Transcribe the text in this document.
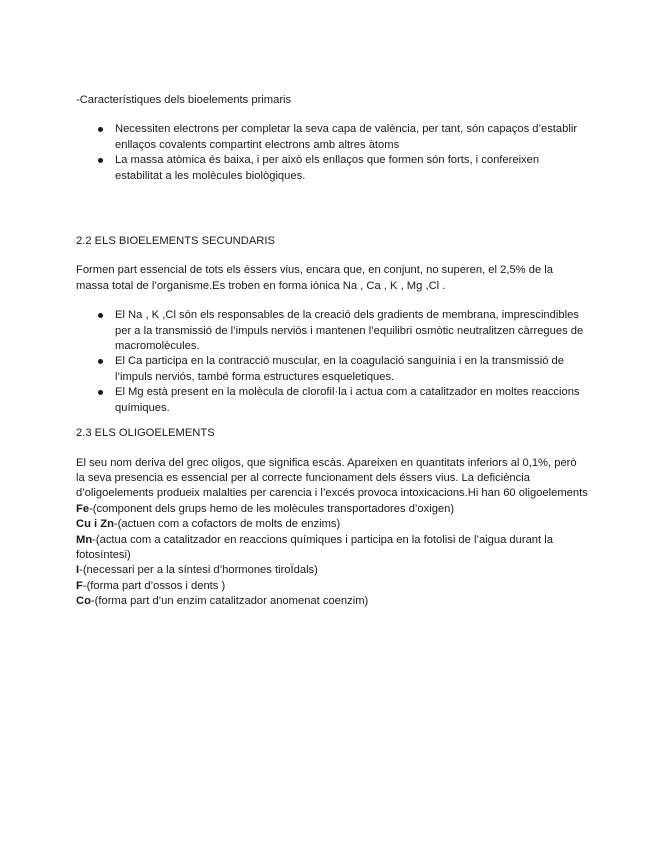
-Característiques dels bioelements primaris

Necessiten electrons per completar la seva capa de valència, per tant, són capaços d’establir enllaços covalents compartint electrons amb altres àtoms
La massa atòmica és baixa, i per això els enllaços que formen són forts, i confereixen estabilitat a les molècules biològiques.

2.2 ELS BIOELEMENTS SECUNDARIS

Formen part essencial de tots els éssers vius, encara que, en conjunt, no superen, el 2,5% de la massa total de l’organisme.Es troben en forma iònica Na , Ca , K , Mg ,Cl .

El Na , K ,Cl són els responsables de la creació dels gradients de membrana, imprescindibles per a la transmissió de l’impuls nerviós i mantenen l’equilibri osmòtic neutralitzen càrregues de macromolècules.
El Ca participa en la contracció muscular, en la coagulació sanguínia i en la transmissió de l’impuls nerviós, també forma estructures esqueletiques.
El Mg està present en la molècula de clorofil·la i actua com a catalitzador en moltes reaccions químiques.

2.3 ELS OLIGOELEMENTS

El seu nom deriva del grec oligos, que significa escàs. Apareixen en quantitats inferiors al 0,1%, però la seva presencia es essencial per al correcte funcionament dels éssers vius. La deficiència d’oligoelements produeix malalties per carencia i l’excés provoca intoxicacions.Hi han 60 oligoelements

Fe-(component dels grups hemo de les molècules transportadores d’oxigen)

Cu i Zn-(actuen com a cofactors de molts de enzims)

Mn-(actua com a catalitzador en reaccions químiques i participa en la fotolisi de l’aigua durant la fotosíntesi)

I-(necessari per a la síntesi d’hormones tiroÏdals)

F-(forma part d’ossos i dents )

Co-(forma part d’un enzim catalitzador anomenat coenzim)
